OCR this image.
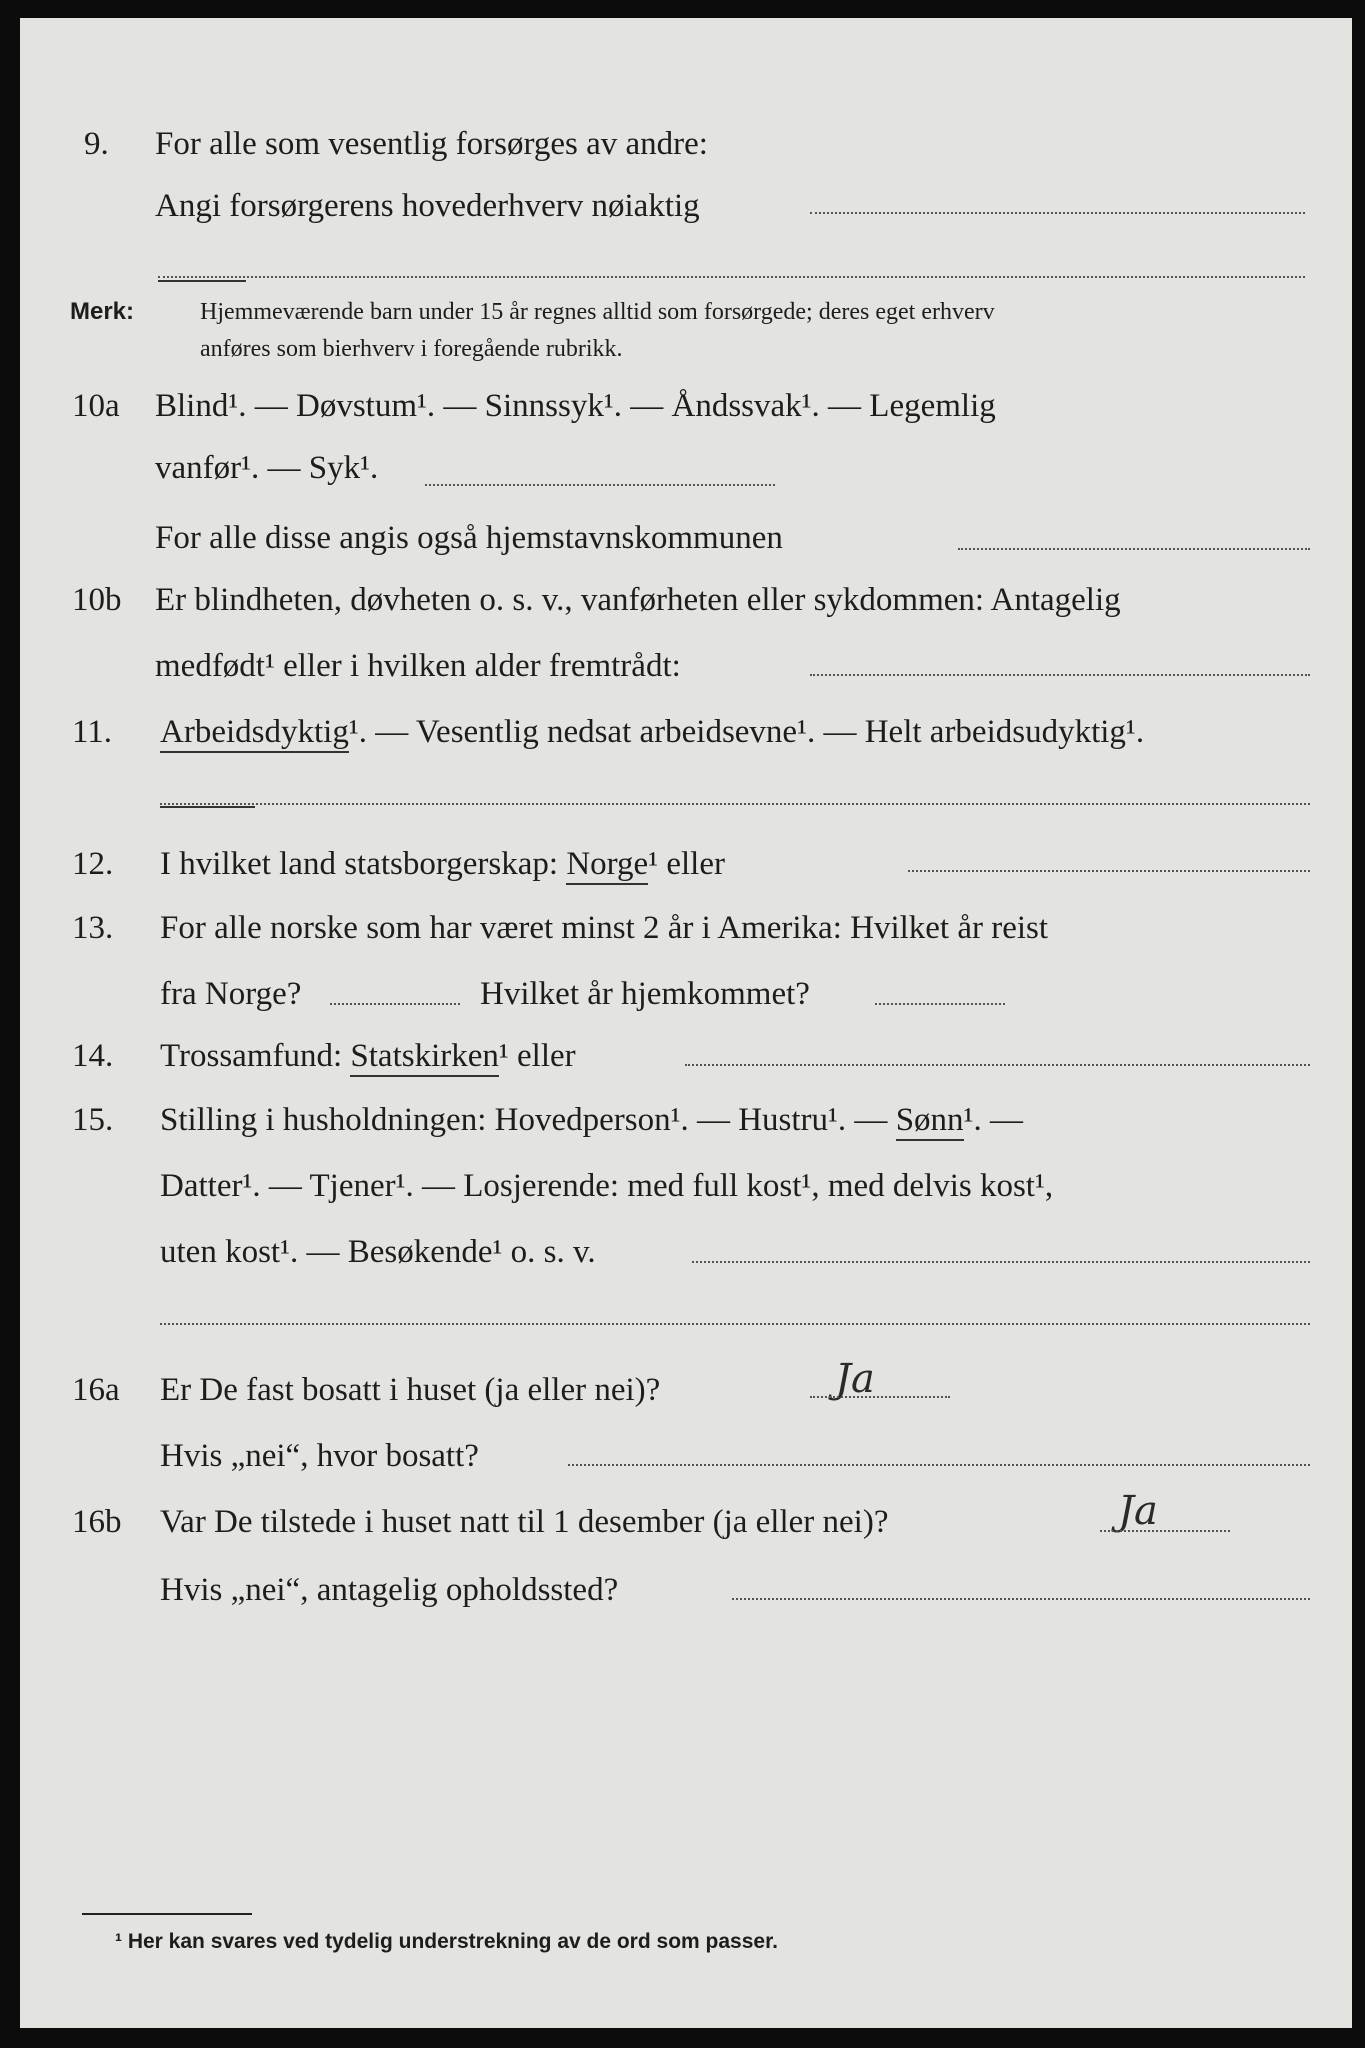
9. For alle som vesentlig forsørges av andre:
Angi forsørgerens hovederhverv nøiaktig
Merk:	Hjemmeværende barn under 15 år regnes alltid som forsørgede; deres eget erhverv
anføres som bierhverv i foregående rubrikk.
10a Blind¹. — Døvstum¹. — Sinnssyk¹. — Åndssvak¹. — Legemlig
vanfør¹. — Syk¹.
For alle disse angis også hjemstavnskommunen
10b Er blindheten, døvheten o. s. v., vanførheten eller sykdommen: Antagelig
medfødt¹ eller i hvilken alder fremtrådt:
11. Arbeidsdyktig¹. — Vesentlig nedsat arbeidsevne¹. — Helt arbeidsudyktig¹.
12. I hvilket land statsborgerskap: Norge¹ eller
13. For alle norske som har været minst 2 år i Amerika: Hvilket år reist
fra Norge?	Hvilket år hjemkommet?
14. Trossamfund: Statskirken¹ eller
15. Stilling i husholdningen: Hovedperson¹. — Hustru¹. — Sønn¹. —
Datter¹. — Tjener¹. — Losjerende: med full kost¹, med delvis kost¹,
uten kost¹. — Besøkende¹ o. s. v.
16a Er De fast bosatt i huset (ja eller nei)?	Ja
Hvis „nei“, hvor bosatt?
16b Var De tilstede i huset natt til 1 desember (ja eller nei)?	Ja
Hvis „nei“, antagelig opholdssted?
¹ Her kan svares ved tydelig understrekning av de ord som passer.
